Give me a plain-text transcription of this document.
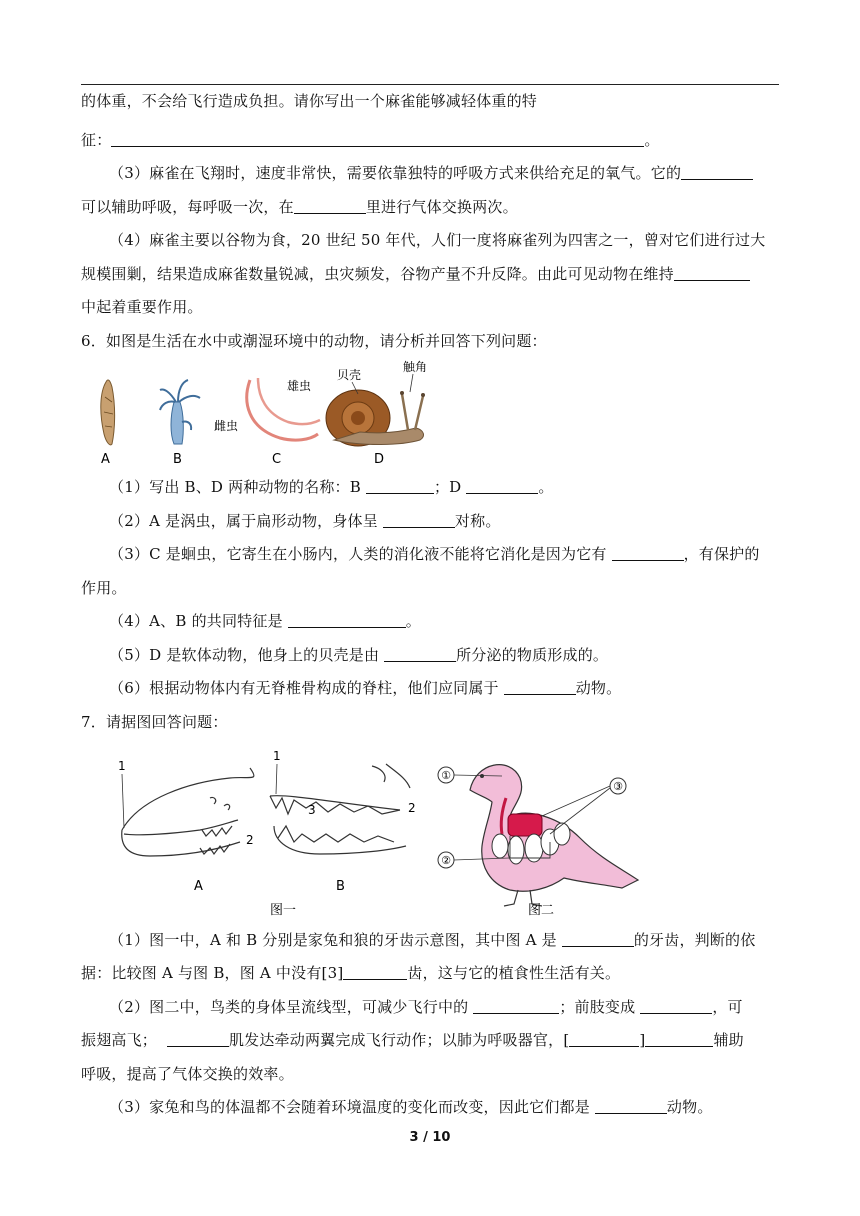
的体重，不会给飞行造成负担。请你写出一个麻雀能够减轻体重的特
征：	。
（3）麻雀在飞翔时，速度非常快，需要依靠独特的呼吸方式来供给充足的氧气。它的
可以辅助呼吸，每呼吸一次，在	里进行气体交换两次。
（4）麻雀主要以谷物为食，20 世纪 50 年代，人们一度将麻雀列为四害之一，曾对它们进行过大
规模围剿，结果造成麻雀数量锐减，虫灾频发，谷物产量不升反降。由此可见动物在维持
中起着重要作用。
6．如图是生活在水中或潮湿环境中的动物，请分析并回答下列问题：
A	B
雄虫
雌虫
C
贝壳
触角
D
（1）写出 B、D 两种动物的名称：B	；D	。
（2）A 是涡虫，属于扁形动物，身体呈	对称。
（3）C 是蛔虫，它寄生在小肠内，人类的消化液不能将它消化是因为它有	，有保护的
作用。
（4）A、B 的共同特征是	。
（5）D 是软体动物，他身上的贝壳是由	所分泌的物质形成的。
（6）根据动物体内有无脊椎骨构成的脊柱，他们应同属于	动物。
7．请据图回答问题：
1
2
A
1
3	2
B
图一
①
②
③
图二
（1）图一中，A 和 B 分别是家兔和狼的牙齿示意图，其中图 A 是	的牙齿，判断的依
据：比较图 A 与图 B，图 A 中没有[3]	齿，这与它的植食性生活有关。
（2）图二中，鸟类的身体呈流线型，可减少飞行中的	；前肢变成	，可
振翅高飞；	肌发达牵动两翼完成飞行动作；以肺为呼吸器官，[	]	辅助
呼吸，提高了气体交换的效率。
（3）家兔和鸟的体温都不会随着环境温度的变化而改变，因此它们都是	动物。
3 / 10
